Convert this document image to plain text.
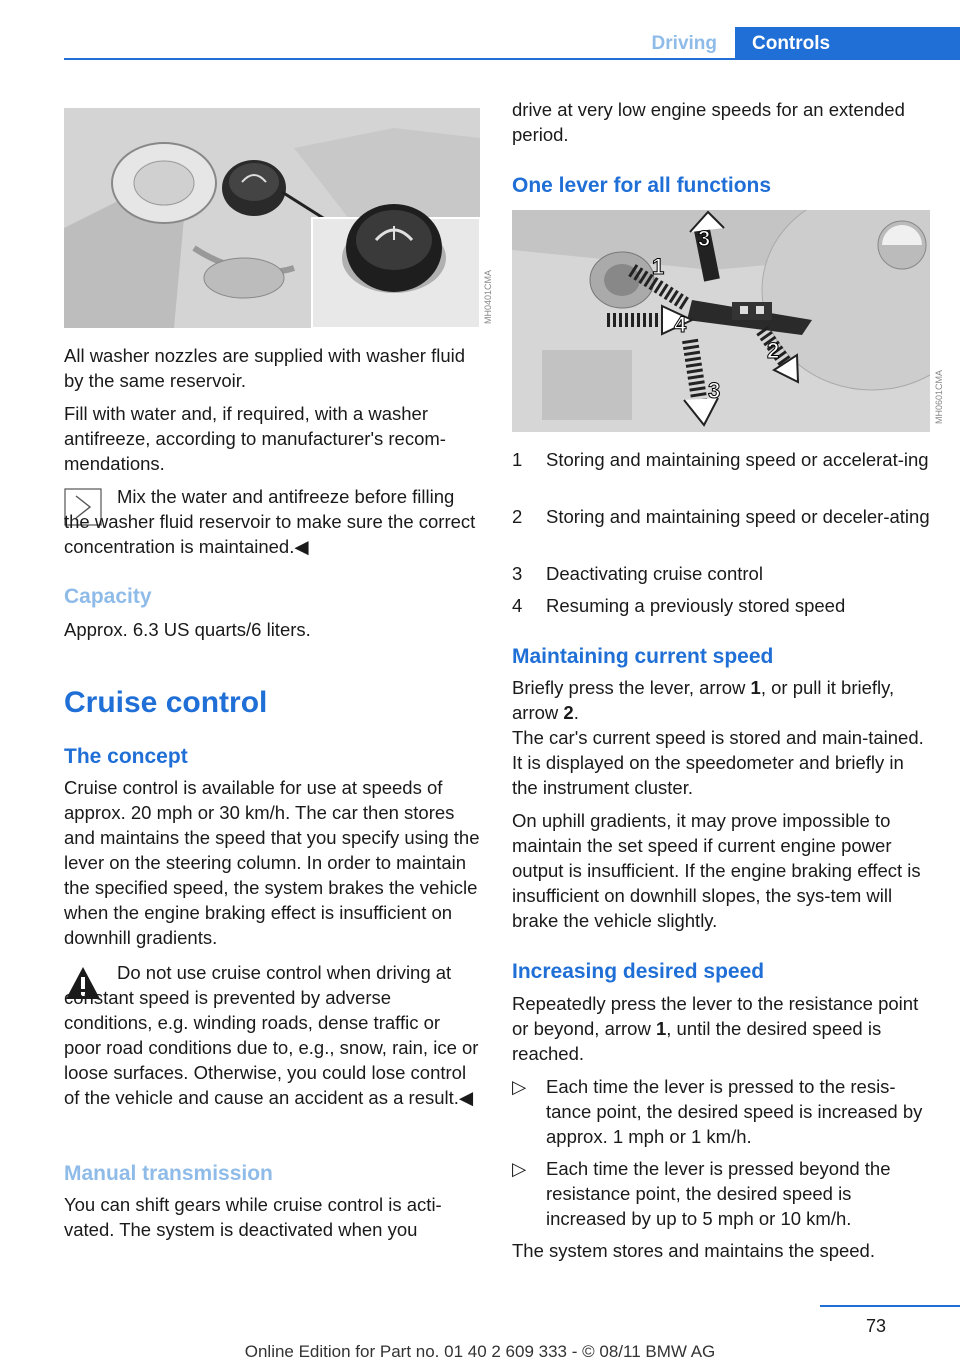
Driving	Controls
MH0401CMA

All washer nozzles are supplied with washer fluid by the same reservoir.

Fill with water and, if required, with a washer antifreeze, according to manufacturer's recom-mendations.

Mix the water and antifreeze before filling the washer fluid reservoir to make sure the correct concentration is maintained.◀

Capacity

Approx. 6.3 US quarts/6 liters.

Cruise control

The concept

Cruise control is available for use at speeds of approx. 20 mph or 30 km/h. The car then stores and maintains the speed that you specify using the lever on the steering column. In order to maintain the specified speed, the system brakes the vehicle when the engine braking effect is insufficient on downhill gradients.

Do not use cruise control when driving at constant speed is prevented by adverse conditions, e.g. winding roads, dense traffic or poor road conditions due to, e.g., snow, rain, ice or loose surfaces. Otherwise, you could lose control of the vehicle and cause an accident as a result.◀

Manual transmission

You can shift gears while cruise control is acti-vated. The system is deactivated when you

drive at very low engine speeds for an extended period.

One lever for all functions

1
2
3
3
4
MH0601CMA
1 Storing and maintaining speed or accelerat-ing
2 Storing and maintaining speed or deceler-ating
3 Deactivating cruise control
4 Resuming a previously stored speed

Maintaining current speed

Briefly press the lever, arrow 1, or pull it briefly, arrow 2.

The car's current speed is stored and main-tained. It is displayed on the speedometer and briefly in the instrument cluster.

On uphill gradients, it may prove impossible to maintain the set speed if current engine power output is insufficient. If the engine braking effect is insufficient on downhill slopes, the sys-tem will brake the vehicle slightly.

Increasing desired speed

Repeatedly press the lever to the resistance point or beyond, arrow 1, until the desired speed is reached.

▷ Each time the lever is pressed to the resis-tance point, the desired speed is increased by approx. 1 mph or 1 km/h.
▷ Each time the lever is pressed beyond the resistance point, the desired speed is increased by up to 5 mph or 10 km/h.

The system stores and maintains the speed.

73
Online Edition for Part no. 01 40 2 609 333 - © 08/11 BMW AG
